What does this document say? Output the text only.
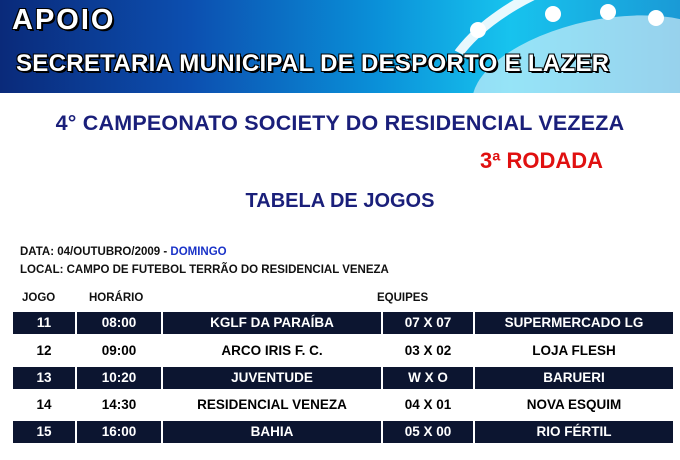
APOIO
SECRETARIA MUNICIPAL DE DESPORTO E LAZER
4° CAMPEONATO SOCIETY DO RESIDENCIAL VEZEZA
3ª RODADA
TABELA DE JOGOS
DATA: 04/OUTUBRO/2009 - DOMINGO
LOCAL: CAMPO DE FUTEBOL TERRÃO DO RESIDENCIAL VENEZA
JOGO	HORÁRIO	EQUIPES
11	08:00	KGLF DA PARAÍBA	07 X 07	SUPERMERCADO LG
12	09:00	ARCO IRIS F. C.	03 X 02	LOJA FLESH
13	10:20	JUVENTUDE	W X O	BARUERI
14	14:30	RESIDENCIAL VENEZA	04 X 01	NOVA ESQUIM
15	16:00	BAHIA	05 X 00	RIO FÉRTIL
